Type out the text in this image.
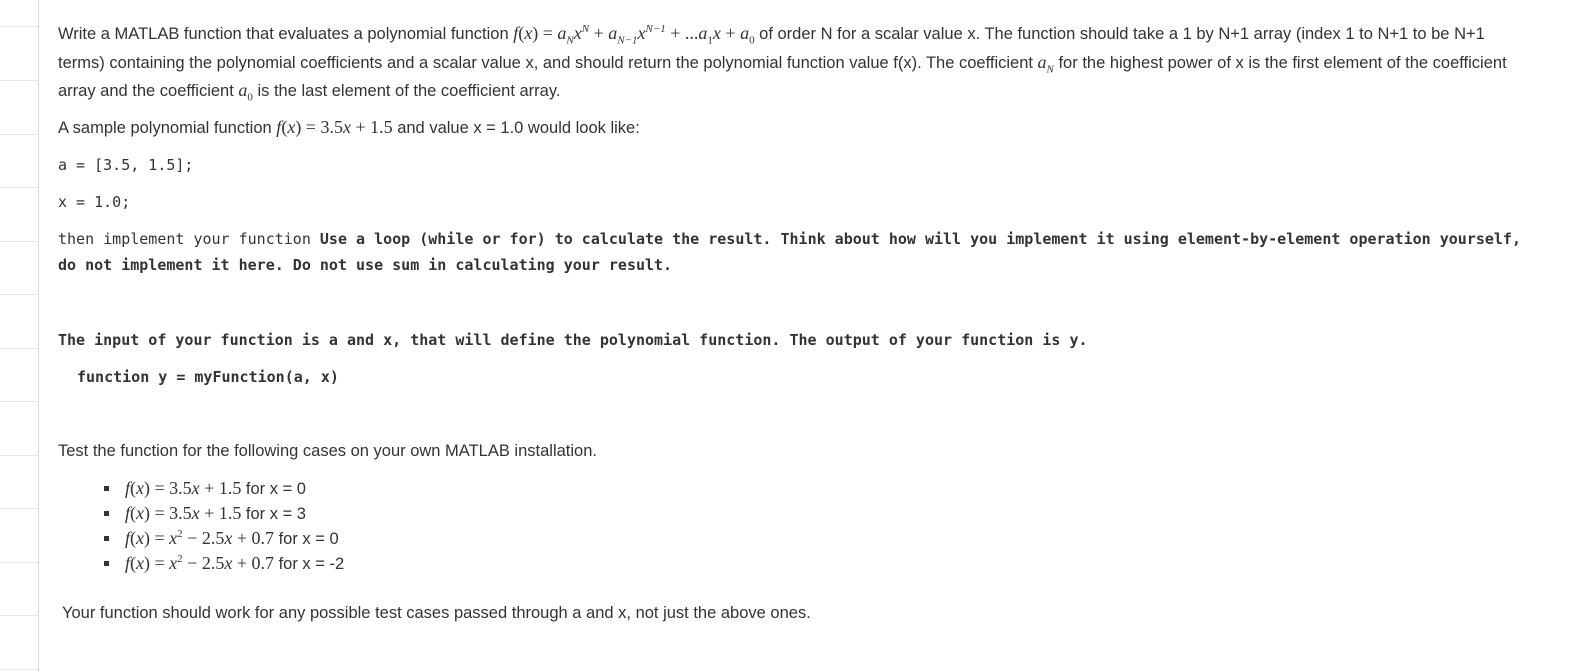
Write a MATLAB function that evaluates a polynomial function $f(x) = a_Nx^N + a_{N-1}x^{N-1} + ...a_1x + a_0$ of order N for a scalar value x. The function should take a 1 by N+1 array (index 1 to N+1 to be N+1 terms) containing the polynomial coefficients and a scalar value x, and should return the polynomial function value f(x). The coefficient $a_N$ for the highest power of x is the first element of the coefficient array and the coefficient $a_0$ is the last element of the coefficient array.
A sample polynomial function f(x) = 3.5x + 1.5 and value x = 1.0 would look like:
a = [3.5, 1.5];
x = 1.0;
then implement your function Use a loop (while or for) to calculate the result. Think about how will you implement it using element-by-element operation yourself, do not implement it here. Do not use sum in calculating your result.
The input of your function is a and x, that will define the polynomial function. The output of your function is y.
function y = myFunction(a, x)
Test the function for the following cases on your own MATLAB installation.
f(x) = 3.5x + 1.5 for x = 0
f(x) = 3.5x + 1.5 for x = 3
$f(x) = x^2 - 2.5x + 0.7$ for x = 0
$f(x) = x^2 - 2.5x + 0.7$ for x = -2
Your function should work for any possible test cases passed through a and x, not just the above ones.
